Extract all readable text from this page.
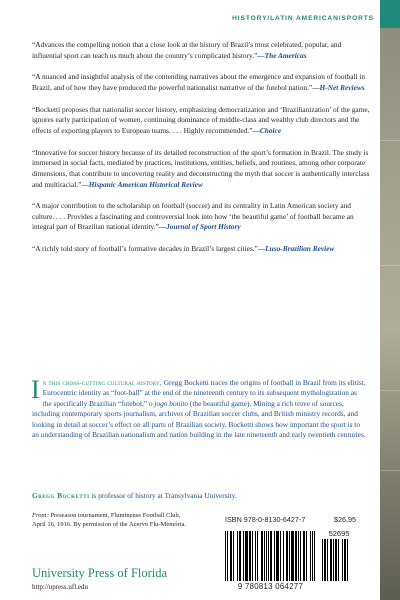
HISTORY/LATIN AMERICAN/SPORTS

“Advances the compelling notion that a close look at the history of Brazil’s most celebrated, popular, and influential sport can teach us much about the country’s complicated history.”—The Americas

“A nuanced and insightful analysis of the contending narratives about the emergence and expansion of football in Brazil, and of how they have produced the powerful nationalist narrative of the futebol nation.”—H-Net Reviews

“Bocketti proposes that nationalist soccer history, emphasizing democratization and ‘Brazilianization’ of the game, ignores early participation of women, continuing dominance of middle-class and wealthy club directors and the effects of exporting players to European teams. . . . Highly recommended.”—Choice

“Innovative for soccer history because of its detailed reconstruction of the sport’s formation in Brazil. The study is immersed in social facts, mediated by practices, institutions, entities, beliefs, and routines, among other corporate dimensions, that contribute to uncovering reality and deconstructing the myth that soccer is authentically interclass and multiracial.”—Hispanic American Historical Review

“A major contribution to the scholarship on football (soccer) and its centrality in Latin American society and culture. . . . Provides a fascinating and controversial look into how ‘the beautiful game’ of football became an integral part of Brazilian national identity.”—Journal of Sport History

“A richly told story of football’s formative decades in Brazil’s largest cities.”—Luso-Brazilian Review

In this cross-cutting cultural history, Gregg Bocketti traces the origins of football in Brazil from its elitist, Eurocentric identity as “foot-ball” at the end of the nineteenth century to its subsequent mythologization as the specifically Brazilian “futebol,” o jogo bonito (the beautiful game). Mining a rich trove of sources, including contemporary sports journalism, archives of Brazilian soccer clubs, and British ministry records, and looking in detail at soccer’s effect on all parts of Brazilian society, Bocketti shows how important the sport is to an understanding of Brazilian nationalism and nation building in the late nineteenth and early twentieth centuries.

Gregg Bocketti is professor of history at Transylvania University.

Front: Preseason tournament, Fluminense Football Club, April 16, 1916. By permission of the Acervo Flu-Memória.

University Press of Florida
http://upress.ufl.edu
ISBN 978-0-8130-6427-7	$26.95
52695
9 780813 064277
